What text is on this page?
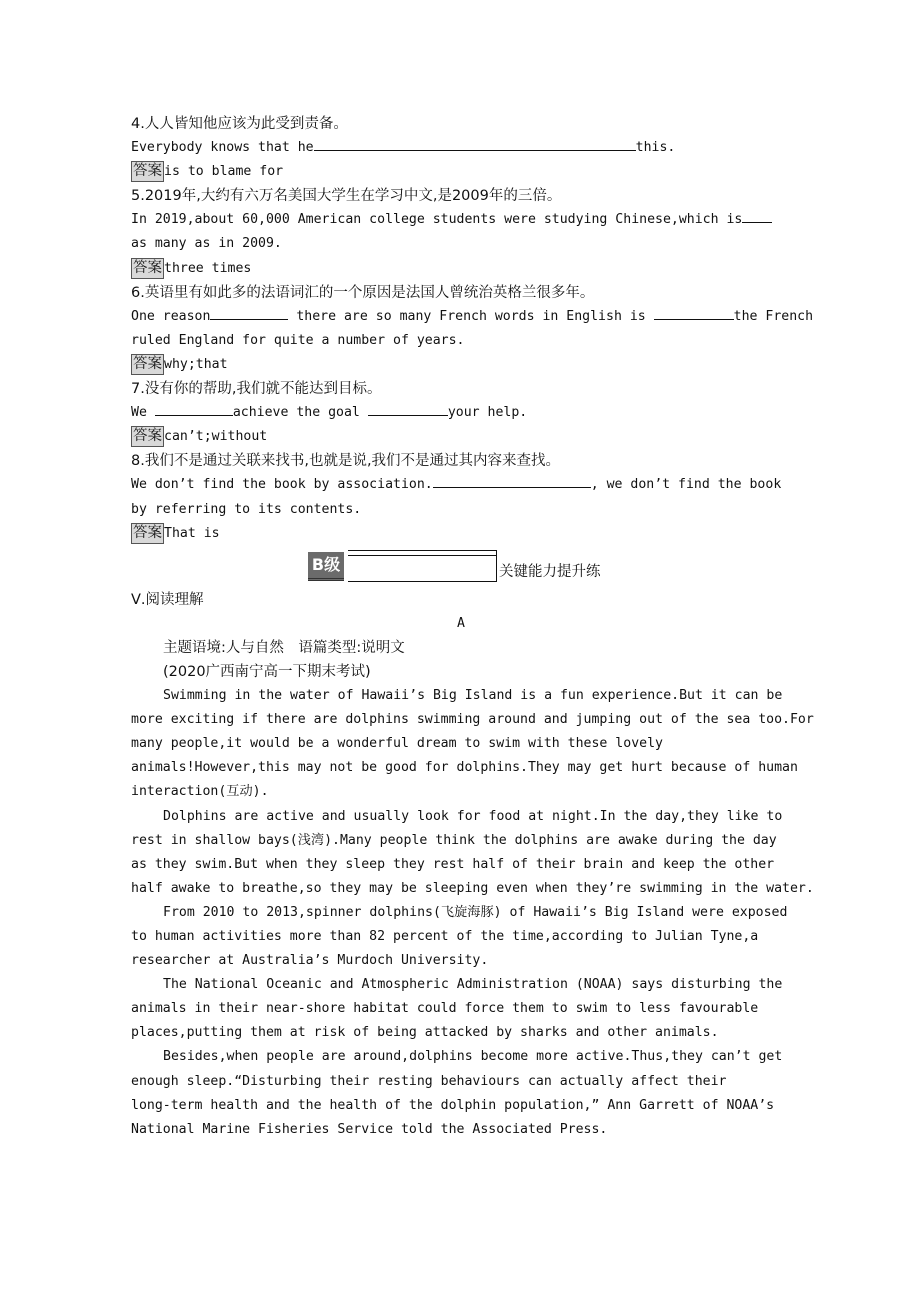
4.人人皆知他应该为此受到责备。
Everybody knows that he	this.
答案 is to blame for
5.2019年,大约有六万名美国大学生在学习中文,是2009年的三倍。
In 2019,about 60,000 American college students were studying Chinese,which is
as many as in 2009.
答案 three times
6.英语里有如此多的法语词汇的一个原因是法国人曾统治英格兰很多年。
One reason	there are so many French words in English is	the French
ruled England for quite a number of years.
答案 why;that
7.没有你的帮助,我们就不能达到目标。
We	achieve the goal	your help.
答案 can’t;without
8.我们不是通过关联来找书,也就是说,我们不是通过其内容来查找。
We don’t find the book by association.	, we don’t find the book
by referring to its contents.
答案 That is
B级	关键能力提升练
Ⅴ.阅读理解
A
主题语境:人与自然　语篇类型:说明文
(2020广西南宁高一下期末考试)
Swimming in the water of Hawaii’s Big Island is a fun experience.But it can be
more exciting if there are dolphins swimming around and jumping out of the sea too.For
many people,it would be a wonderful dream to swim with these lovely
animals!However,this may not be good for dolphins.They may get hurt because of human
interaction(互动).
Dolphins are active and usually look for food at night.In the day,they like to
rest in shallow bays(浅湾).Many people think the dolphins are awake during the day
as they swim.But when they sleep they rest half of their brain and keep the other
half awake to breathe,so they may be sleeping even when they’re swimming in the water.
From 2010 to 2013,spinner dolphins(飞旋海豚) of Hawaii’s Big Island were exposed
to human activities more than 82 percent of the time,according to Julian Tyne,a
researcher at Australia’s Murdoch University.
The National Oceanic and Atmospheric Administration (NOAA) says disturbing the
animals in their near-shore habitat could force them to swim to less favourable
places,putting them at risk of being attacked by sharks and other animals.
Besides,when people are around,dolphins become more active.Thus,they can’t get
enough sleep.“Disturbing their resting behaviours can actually affect their
long-term health and the health of the dolphin population,” Ann Garrett of NOAA’s
National Marine Fisheries Service told the Associated Press.
